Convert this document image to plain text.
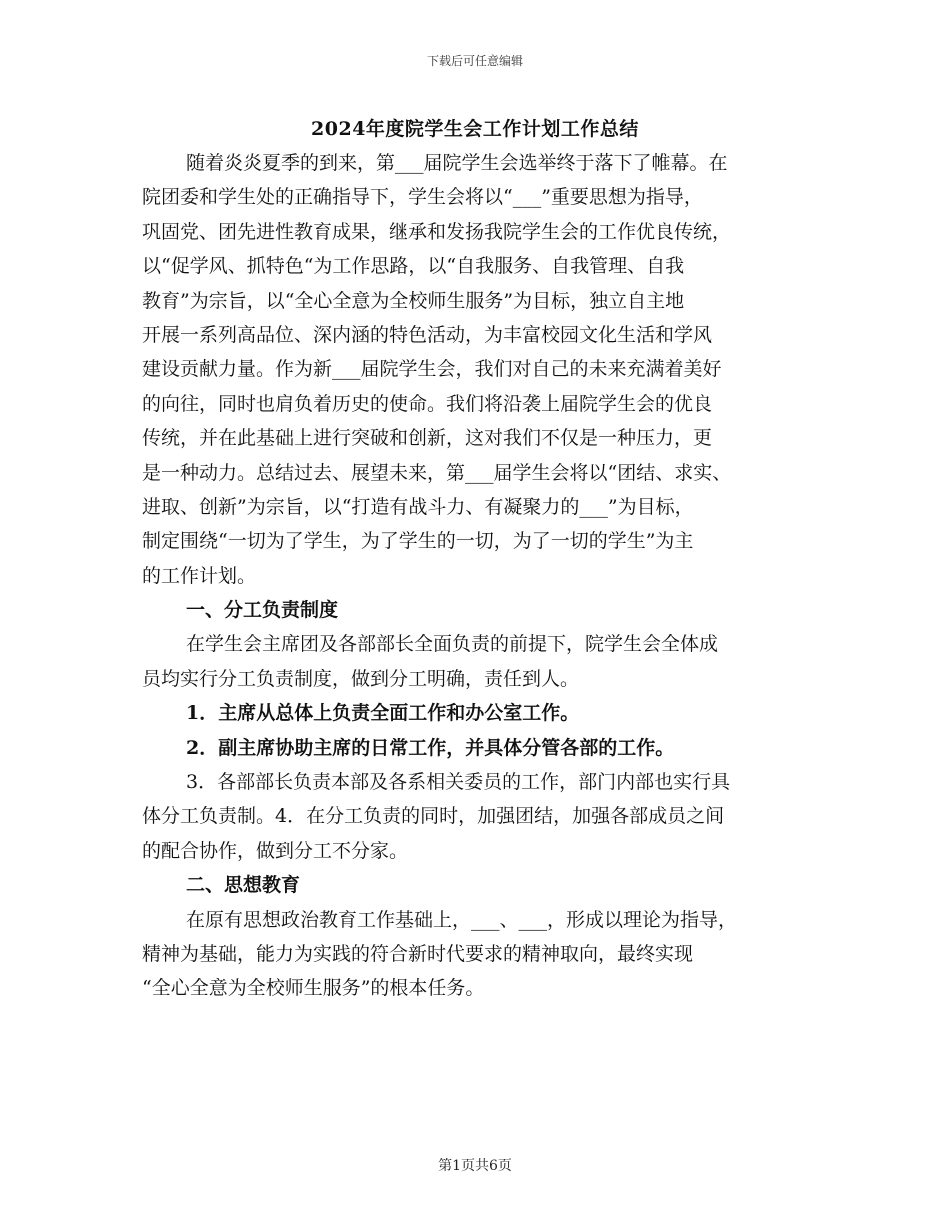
下载后可任意编辑
2024年度院学生会工作计划工作总结
随着炎炎夏季的到来，第___届院学生会选举终于落下了帷幕。在
院团委和学生处的正确指导下，学生会将以“___”重要思想为指导，
巩固党、团先进性教育成果，继承和发扬我院学生会的工作优良传统，
以“促学风、抓特色“为工作思路，以“自我服务、自我管理、自我
教育”为宗旨，以“全心全意为全校师生服务”为目标，独立自主地
开展一系列高品位、深内涵的特色活动，为丰富校园文化生活和学风
建设贡献力量。作为新___届院学生会，我们对自己的未来充满着美好
的向往，同时也肩负着历史的使命。我们将沿袭上届院学生会的优良
传统，并在此基础上进行突破和创新，这对我们不仅是一种压力，更
是一种动力。总结过去、展望未来，第___届学生会将以“团结、求实、
进取、创新”为宗旨，以“打造有战斗力、有凝聚力的___”为目标，
制定围绕“一切为了学生，为了学生的一切，为了一切的学生”为主
的工作计划。
一、分工负责制度
在学生会主席团及各部部长全面负责的前提下，院学生会全体成
员均实行分工负责制度，做到分工明确，责任到人。
1．主席从总体上负责全面工作和办公室工作。
2．副主席协助主席的日常工作，并具体分管各部的工作。
3．各部部长负责本部及各系相关委员的工作，部门内部也实行具
体分工负责制。4．在分工负责的同时，加强团结，加强各部成员之间
的配合协作，做到分工不分家。
二、思想教育
在原有思想政治教育工作基础上，___、___，形成以理论为指导，
精神为基础，能力为实践的符合新时代要求的精神取向，最终实现
“全心全意为全校师生服务”的根本任务。
第1页共6页
